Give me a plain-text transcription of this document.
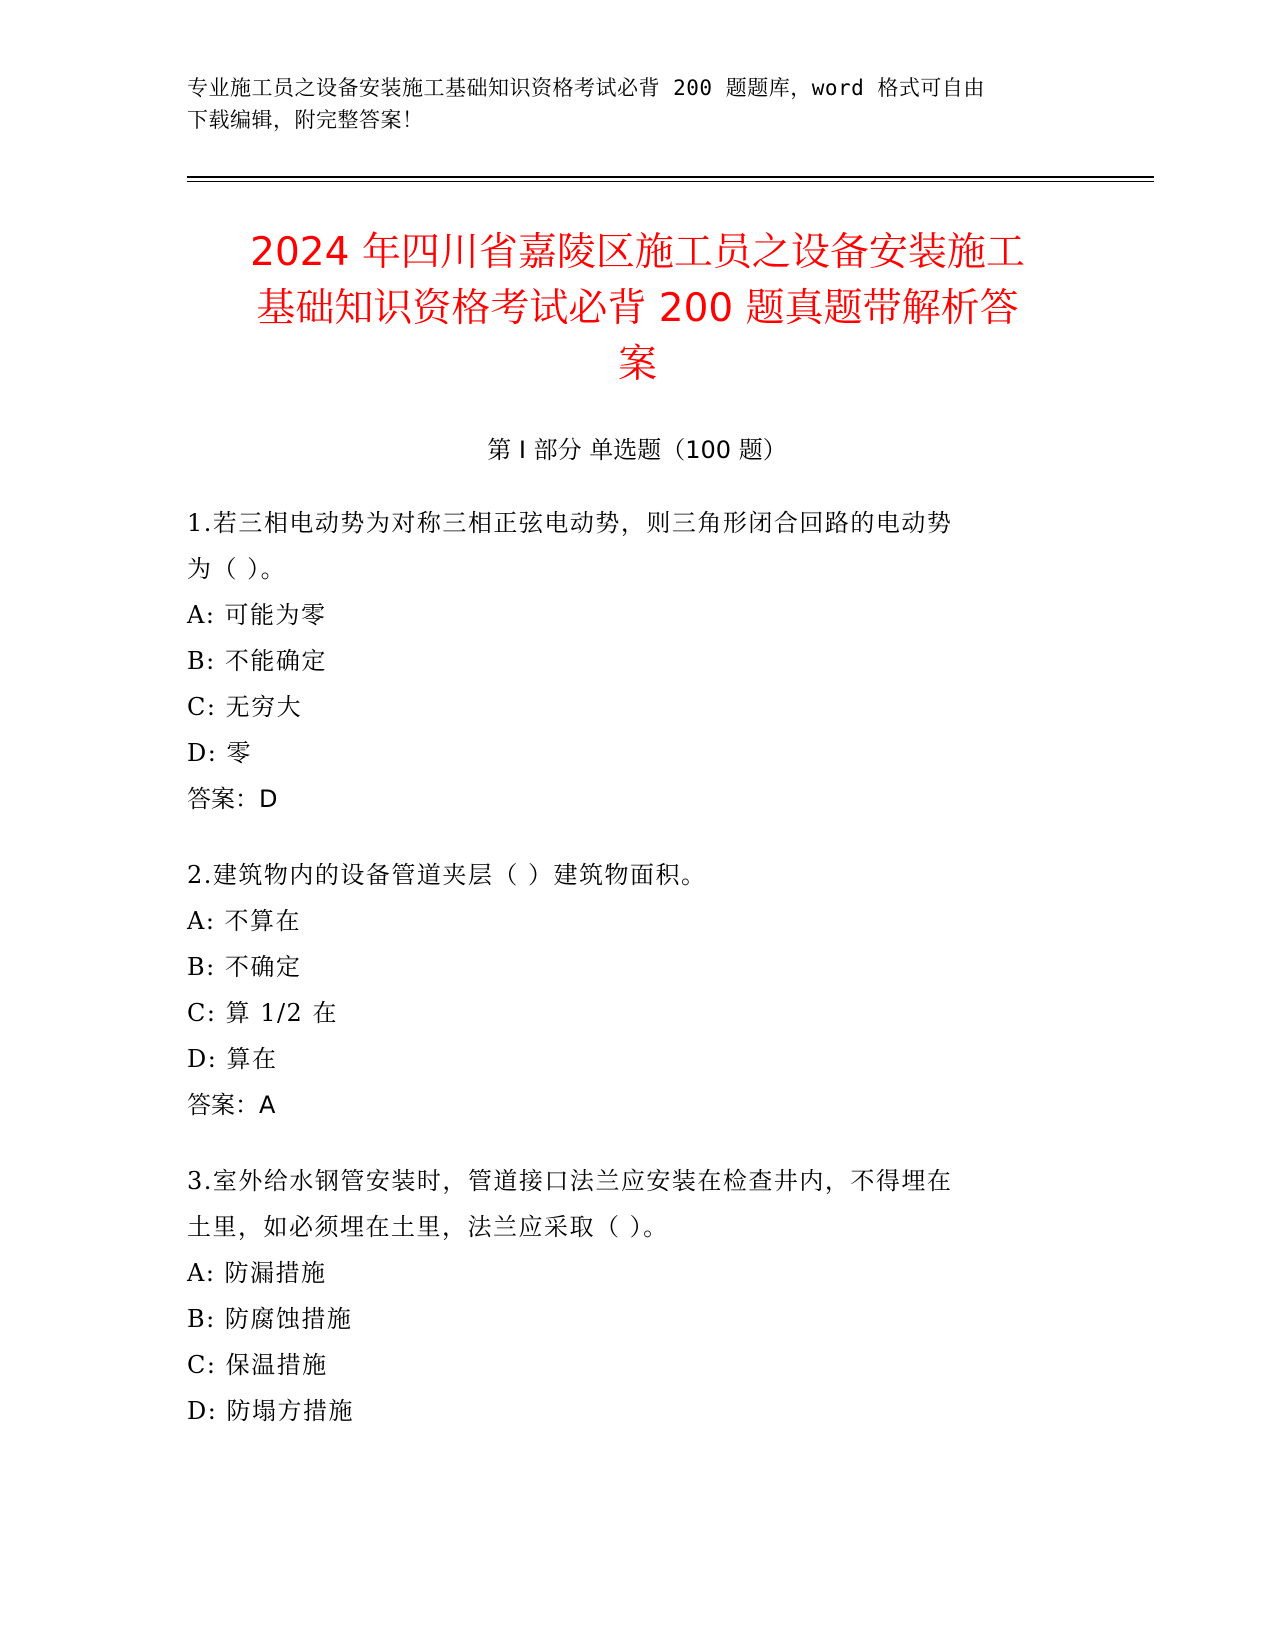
专业施工员之设备安装施工基础知识资格考试必背 200 题题库，word 格式可自由
下载编辑，附完整答案！
2024 年四川省嘉陵区施工员之设备安装施工
基础知识资格考试必背 200 题真题带解析答
案
第 I 部分 单选题（100 题）
1.若三相电动势为对称三相正弦电动势，则三角形闭合回路的电动势
为（ ）。
A: 可能为零
B: 不能确定
C: 无穷大
D: 零
答案：D
2.建筑物内的设备管道夹层（ ）建筑物面积。
A: 不算在
B: 不确定
C: 算 1/2 在
D: 算在
答案：A
3.室外给水钢管安装时，管道接口法兰应安装在检查井内，不得埋在
土里，如必须埋在土里，法兰应采取（ ）。
A: 防漏措施
B: 防腐蚀措施
C: 保温措施
D: 防塌方措施
